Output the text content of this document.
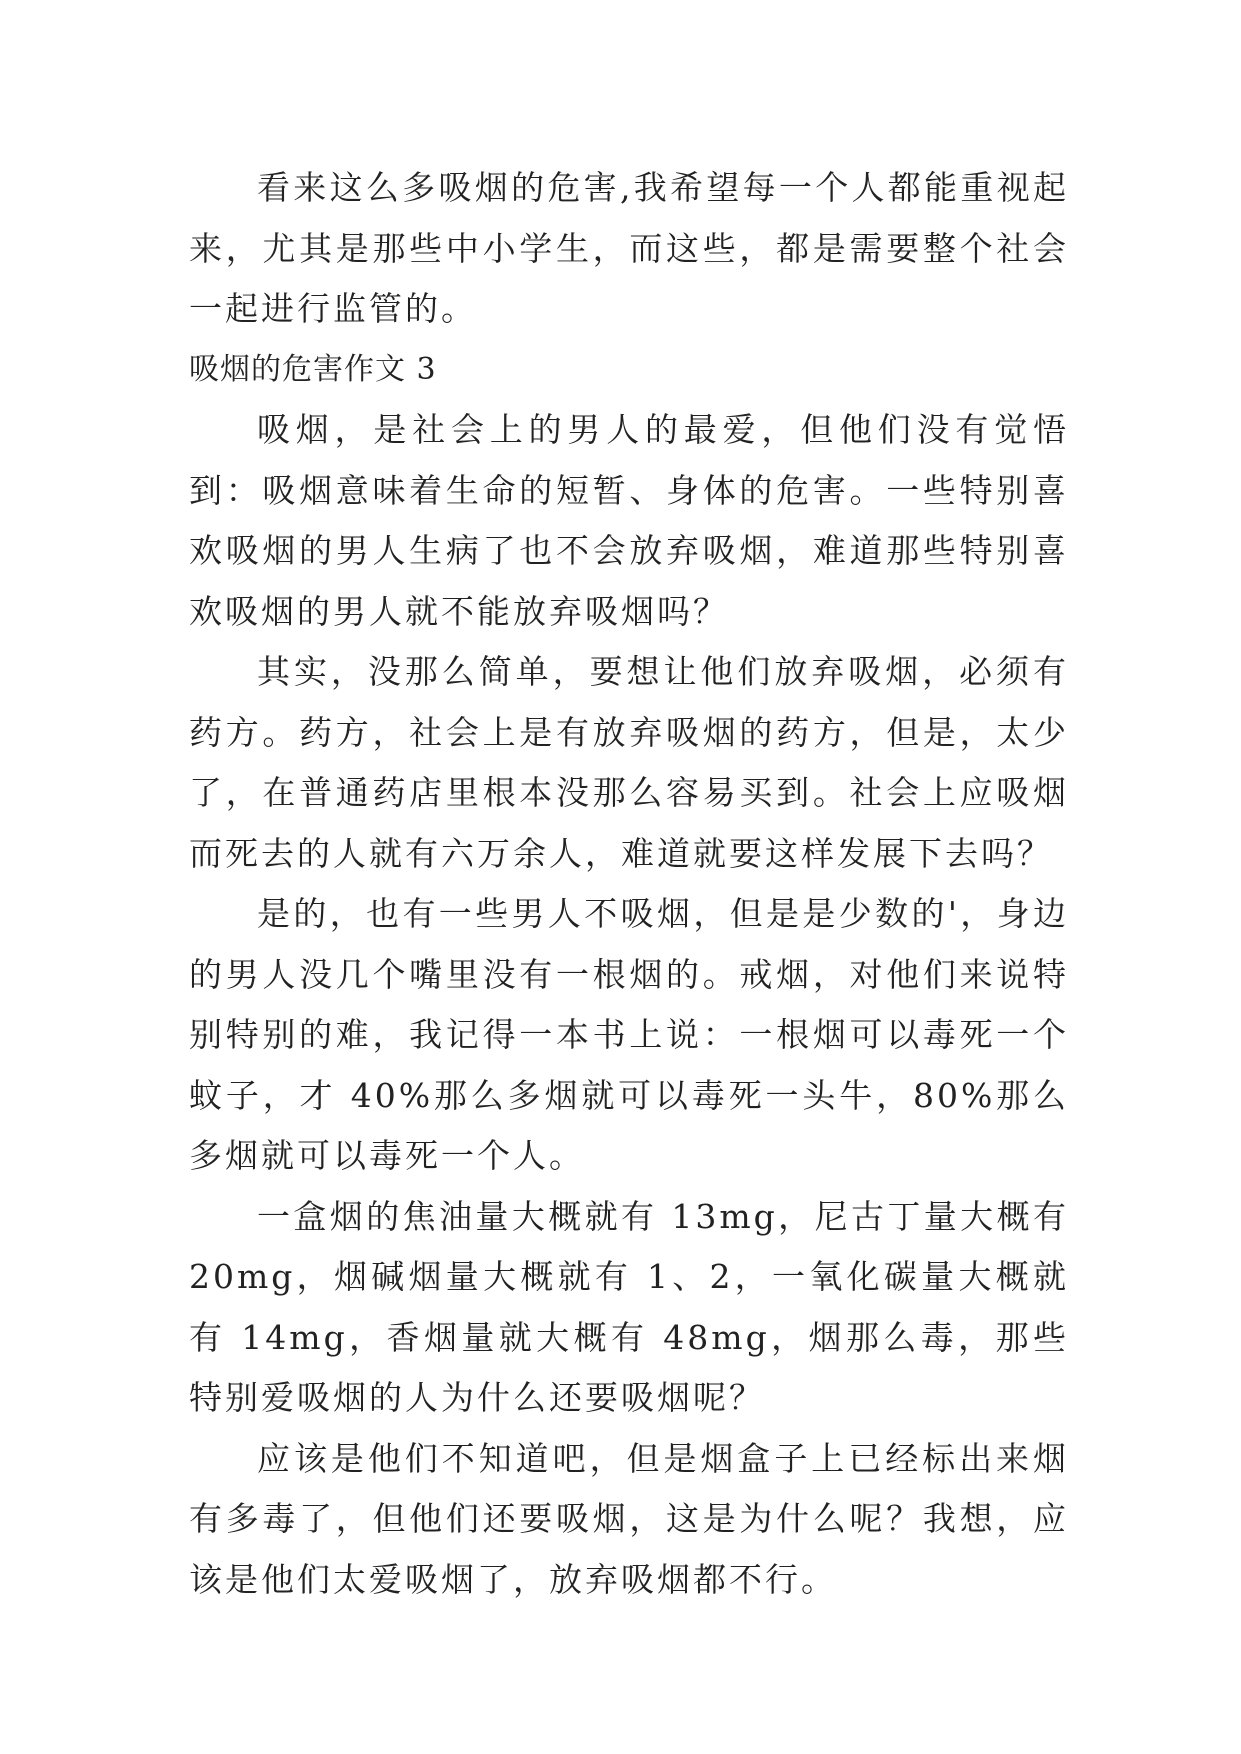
看来这么多吸烟的危害,我希望每一个人都能重视起来，尤其是那些中小学生，而这些，都是需要整个社会一起进行监管的。

吸烟的危害作文 3

吸烟，是社会上的男人的最爱，但他们没有觉悟到：吸烟意味着生命的短暂、身体的危害。一些特别喜欢吸烟的男人生病了也不会放弃吸烟，难道那些特别喜欢吸烟的男人就不能放弃吸烟吗？

其实，没那么简单，要想让他们放弃吸烟，必须有药方。药方，社会上是有放弃吸烟的药方，但是，太少了，在普通药店里根本没那么容易买到。社会上应吸烟而死去的人就有六万余人，难道就要这样发展下去吗？

是的，也有一些男人不吸烟，但是是少数的'，身边的男人没几个嘴里没有一根烟的。戒烟，对他们来说特别特别的难，我记得一本书上说：一根烟可以毒死一个蚊子，才 40%那么多烟就可以毒死一头牛，80%那么多烟就可以毒死一个人。

一盒烟的焦油量大概就有 13mg，尼古丁量大概有 20mg，烟碱烟量大概就有 1、2，一氧化碳量大概就有 14mg，香烟量就大概有 48mg，烟那么毒，那些特别爱吸烟的人为什么还要吸烟呢？

应该是他们不知道吧，但是烟盒子上已经标出来烟有多毒了，但他们还要吸烟，这是为什么呢？我想，应该是他们太爱吸烟了，放弃吸烟都不行。
